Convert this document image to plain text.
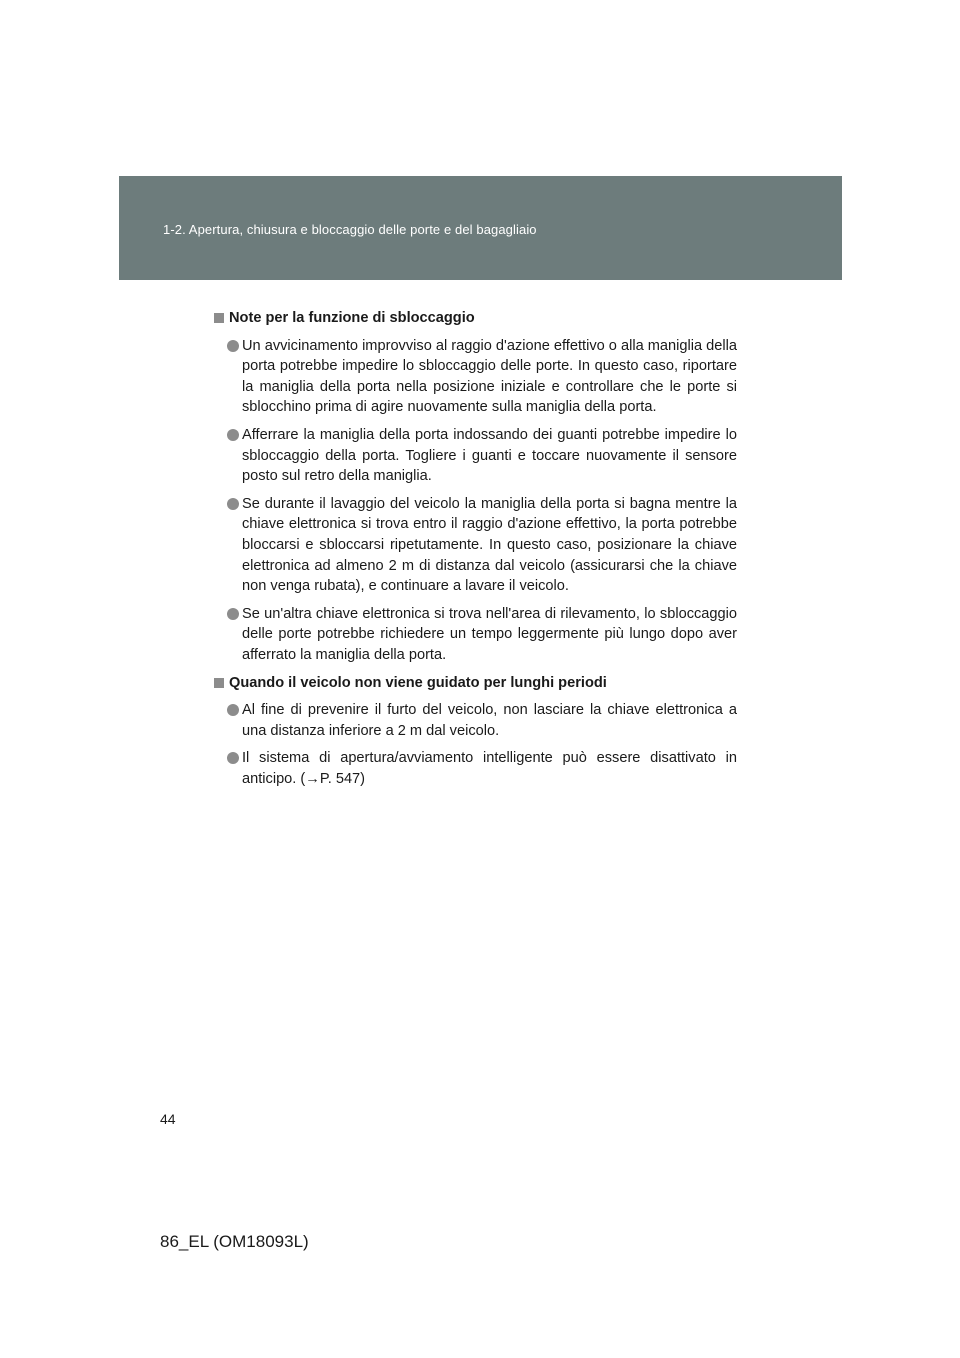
1-2. Apertura, chiusura e bloccaggio delle porte e del bagagliaio
Note per la funzione di sbloccaggio
Un avvicinamento improvviso al raggio d'azione effettivo o alla maniglia della porta potrebbe impedire lo sbloccaggio delle porte. In questo caso, riportare la maniglia della porta nella posizione iniziale e controllare che le porte si sblocchino prima di agire nuovamente sulla maniglia della porta.
Afferrare la maniglia della porta indossando dei guanti potrebbe impedire lo sbloccaggio della porta. Togliere i guanti e toccare nuovamente il sensore posto sul retro della maniglia.
Se durante il lavaggio del veicolo la maniglia della porta si bagna mentre la chiave elettronica si trova entro il raggio d'azione effettivo, la porta potrebbe bloccarsi e sbloccarsi ripetutamente. In questo caso, posizionare la chiave elettronica ad almeno 2 m di distanza dal veicolo (assicurarsi che la chiave non venga rubata), e continuare a lavare il veicolo.
Se un'altra chiave elettronica si trova nell'area di rilevamento, lo sbloccaggio delle porte potrebbe richiedere un tempo leggermente più lungo dopo aver afferrato la maniglia della porta.
Quando il veicolo non viene guidato per lunghi periodi
Al fine di prevenire il furto del veicolo, non lasciare la chiave elettronica a una distanza inferiore a 2 m dal veicolo.
Il sistema di apertura/avviamento intelligente può essere disattivato in anticipo. (→P. 547)
44
86_EL (OM18093L)
